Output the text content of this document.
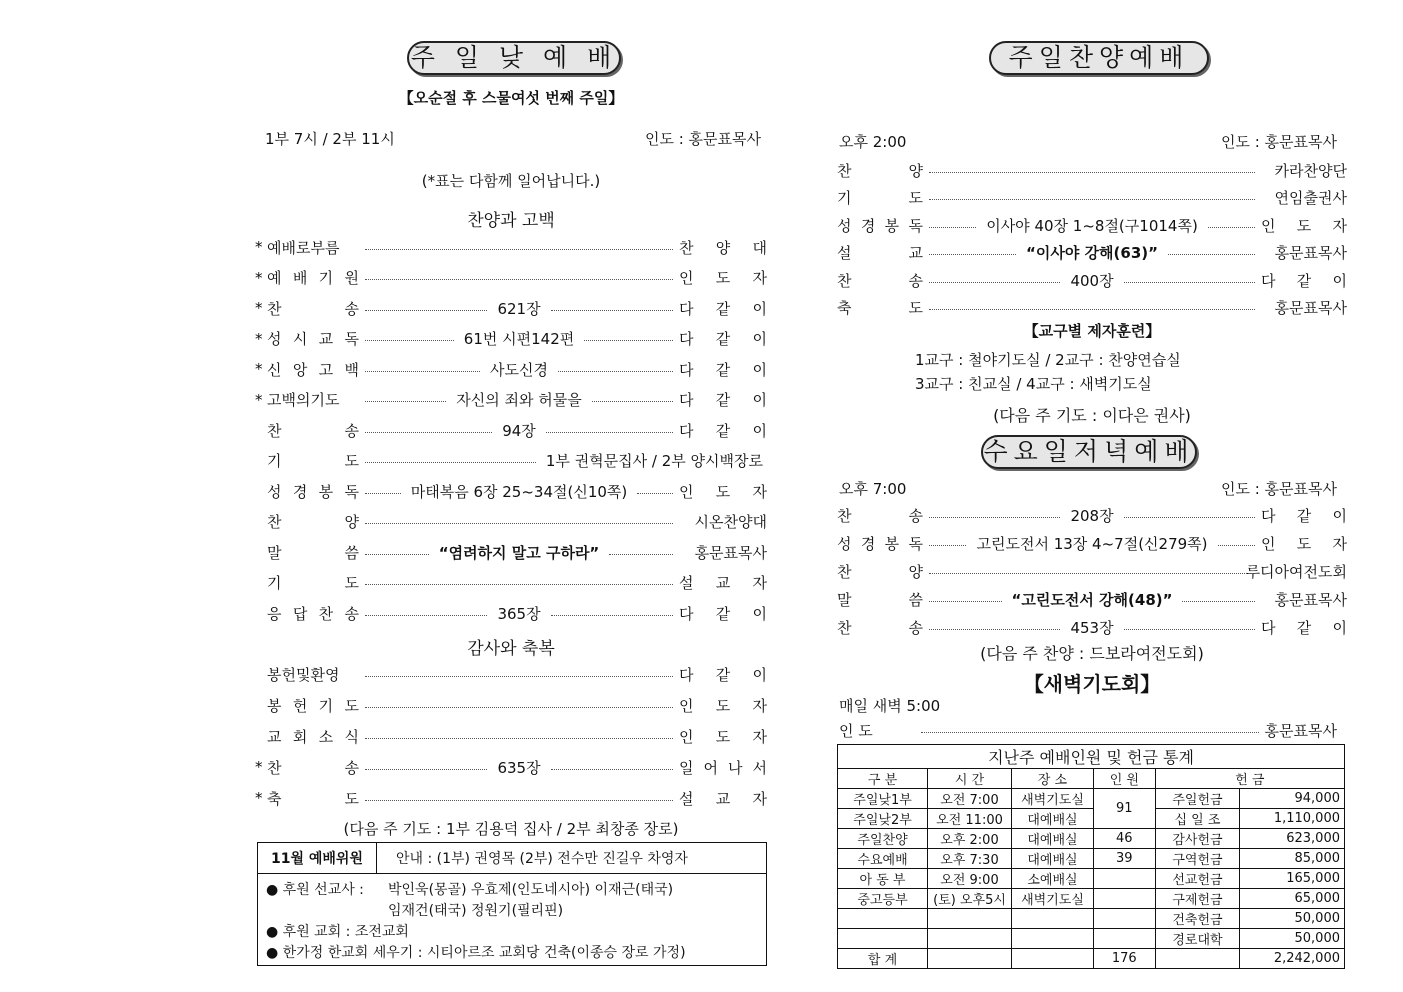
주 일 낮 예 배
【오순절 후 스물여섯 번째 주일】
1부 7시 / 2부 11시	인도 : 홍문표목사
(*표는 다함께 일어납니다.)
찬양과 고백
* 예배로부름	찬 양 대
* 예 배 기 원	인 도 자
* 찬	송	621장	다 같 이
* 성 시 교 독	61번 시편142편	다 같 이
* 신 앙 고 백	사도신경	다 같 이
* 고백의기도	자신의 죄와 허물을	다 같 이
찬	송	94장	다 같 이
기	도	1부 권혁문집사 / 2부 양시백장로
성 경 봉 독	마태복음 6장 25~34절(신10쪽)	인 도 자
찬	양	시온찬양대
말	씀	“염려하지 말고 구하라”	홍문표목사
기	도	설 교 자
응 답 찬 송	365장	다 같 이
감사와 축복
봉헌및환영	다 같 이
봉 헌 기 도	인 도 자
교 회 소 식	인 도 자
* 찬	송	635장	일 어 나 서
* 축	도	설 교 자
(다음 주 기도 : 1부 김용덕 집사 / 2부 최창종 장로)
11월 예배위원	안내 : (1부) 권영목 (2부) 전수만 진길우 차영자
● 후원 선교사 : 박인욱(몽골) 우효제(인도네시아) 이재근(태국)
임재건(태국) 정원기(필리핀)
● 후원 교회 : 조전교회
● 한가정 한교회 세우기 : 시티아르조 교회당 건축(이종승 장로 가정)
주일찬양예배
오후 2:00	인도 : 홍문표목사
찬	양	카라찬양단
기	도	연임출권사
성 경 봉 독	이사야 40장 1~8절(구1014쪽)	인 도 자
설	교	“이사야 강해(63)”	홍문표목사
찬	송	400장	다 같 이
축	도	홍문표목사
【교구별 제자훈련】
1교구 : 철야기도실 / 2교구 : 찬양연습실
3교구 : 친교실 / 4교구 : 새벽기도실
(다음 주 기도 : 이다은 권사)
수요일저녁예배
오후 7:00	인도 : 홍문표목사
찬	송	208장	다 같 이
성 경 봉 독	고린도전서 13장 4~7절(신279쪽)	인 도 자
찬	양	루디아여전도회
말	씀	“고린도전서 강해(48)”	홍문표목사
찬	송	453장	다 같 이
(다음 주 찬양 : 드보라여전도회)
【새벽기도회】
매일 새벽 5:00
인 도	홍문표목사
지난주 예배인원 및 헌금 통계					
구 분	시 간	장 소	인 원	헌 금	
주일낮1부	오전 7:00	새벽기도실	91	주일헌금	94,000
주일낮2부	오전 11:00	대예배실		십 일 조	1,110,000
주일찬양	오후 2:00	대예배실	46	감사헌금	623,000
수요예배	오후 7:30	대예배실	39	구역헌금	85,000
아 동 부	오전 9:00	소예배실		선교헌금	165,000
중고등부	(토) 오후5시	새벽기도실		구제헌금	65,000
				건축헌금	50,000
				경로대학	50,000
합 계			176		2,242,000
